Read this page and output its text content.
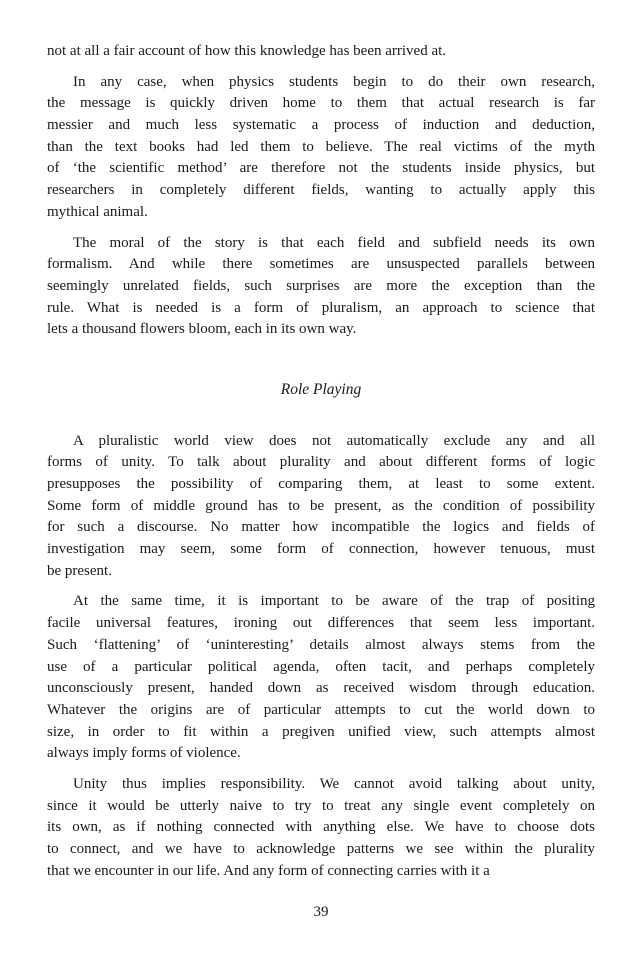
not at all a fair account of how this knowledge has been arrived at.
In any case, when physics students begin to do their own research,
the message is quickly driven home to them that actual research is far
messier and much less systematic a process of induction and deduction,
than the text books had led them to believe. The real victims of the myth
of ‘the scientific method’ are therefore not the students inside physics, but
researchers in completely different fields, wanting to actually apply this
mythical animal.
The moral of the story is that each field and subfield needs its own
formalism. And while there sometimes are unsuspected parallels between
seemingly unrelated fields, such surprises are more the exception than the
rule. What is needed is a form of pluralism, an approach to science that
lets a thousand flowers bloom, each in its own way.
Role Playing
A pluralistic world view does not automatically exclude any and all
forms of unity. To talk about plurality and about different forms of logic
presupposes the possibility of comparing them, at least to some extent.
Some form of middle ground has to be present, as the condition of possibility
for such a discourse. No matter how incompatible the logics and fields of
investigation may seem, some form of connection, however tenuous, must
be present.
At the same time, it is important to be aware of the trap of positing
facile universal features, ironing out differences that seem less important.
Such ‘flattening’ of ‘uninteresting’ details almost always stems from the
use of a particular political agenda, often tacit, and perhaps completely
unconsciously present, handed down as received wisdom through education.
Whatever the origins are of particular attempts to cut the world down to
size, in order to fit within a pregiven unified view, such attempts almost
always imply forms of violence.
Unity thus implies responsibility. We cannot avoid talking about unity,
since it would be utterly naive to try to treat any single event completely on
its own, as if nothing connected with anything else. We have to choose dots
to connect, and we have to acknowledge patterns we see within the plurality
that we encounter in our life. And any form of connecting carries with it a
39
